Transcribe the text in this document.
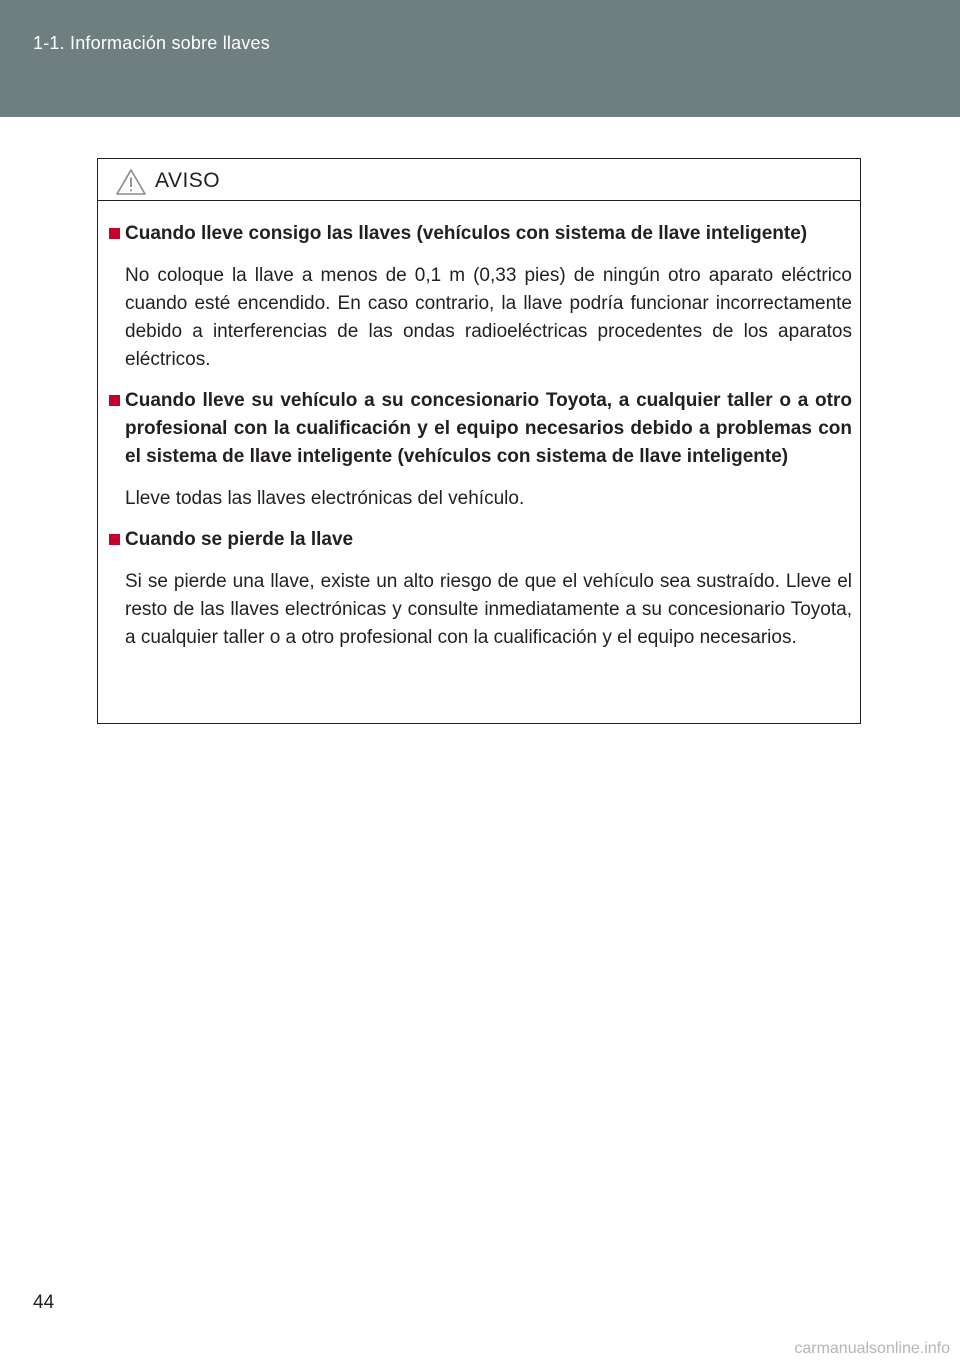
1-1. Información sobre llaves
AVISO
Cuando lleve consigo las llaves (vehículos con sistema de llave inteligente)
No coloque la llave a menos de 0,1 m (0,33 pies) de ningún otro aparato eléctrico cuando esté encendido. En caso contrario, la llave podría funcionar incorrectamente debido a interferencias de las ondas radioeléctricas procedentes de los aparatos eléctricos.
Cuando lleve su vehículo a su concesionario Toyota, a cualquier taller o a otro profesional con la cualificación y el equipo necesarios debido a problemas con el sistema de llave inteligente (vehículos con sistema de llave inteligente)
Lleve todas las llaves electrónicas del vehículo.
Cuando se pierde la llave
Si se pierde una llave, existe un alto riesgo de que el vehículo sea sustraído. Lleve el resto de las llaves electrónicas y consulte inmediatamente a su concesionario Toyota, a cualquier taller o a otro profesional con la cualificación y el equipo necesarios.
44
carmanualsonline.info
